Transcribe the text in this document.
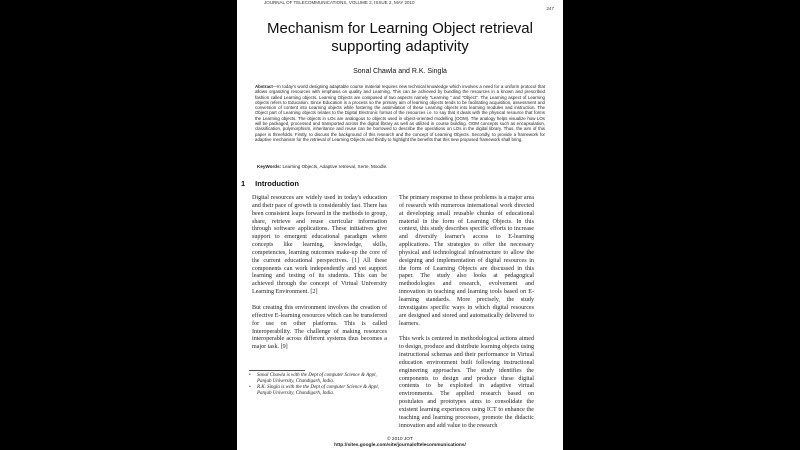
JOURNAL OF TELECOMMUNICATIONS, VOLUME 2, ISSUE 2, MAY 2010
247
Mechanism for Learning Object retrieval
supporting adaptivity
Sonal Chawla and R.K. Singla
Abstract—In today's world designing adaptable course material requires new technical knowledge which involves a need for a uniform protocol that allows organizing resources with emphasis on quality and Learning. This can be achieved by bundling the resources in a known and prescribed fashion called Learning objects. Learning Objects are composed of two aspects namely "Learning " and "Object". The Learning aspect of Learning objects refers to Education. Since Education is a process so the primary aim of learning objects tends to be facilitating acquisition, assessment and conversion of content into Learning objects while fostering the assimilation of these Learning objects into learning modules and instruction. The Object part of Learning objects relates to the Digital Electronic format of the resources i.e. to say that it deals with the physical resource that forms the Learning objects. The objects in LOs are analogous to objects used in object-oriented modelling (OOM). The analogy helps visualize how LOs will be packaged, processed and transported across the digital library as well as utilized in course building. OOM concepts such as encapsulation, classification, polymorphism, inheritance and reuse can be borrowed to describe the operations on LOs in the digital library. Thus, the aim of this paper is threefolds. Firstly, to discuss the background of this research and the concept of Learning Objects. Secondly, to provide a framework for adaptive mechanism for the retrieval of Learning Objects and thirdly to highlight the benefits that this new proposed framework shall bring.
KeyWords: Learning Objects, Adaptive retrieval, Xerte, Moodle.
1 Introduction

Digital resources are widely used in today's education and their pace of growth is considerably fast. There has been consistent leaps forward in the methods to group, share, retrieve and reuse curricular information through software applications. These initiatives give support to emergent educational paradigm where concepts like learning, knowledge, skills, competencies, learning outcomes make-up the core of the current educational perspectives. [1] All these components can work independently and yet support learning and testing of its students. This can be achieved through the concept of Virtual University Learning Environment. [2]

But creating this environment involves the creation of effective E-learning resources which can be transferred for use on other platforms. This is called Interoperability. The challenge of making resources interoperable across different systems thus becomes a major task. [9]

The primary response to these problems is a major area of research with numerous international work directed at developing small reusable chunks of educational material in the form of Learning Objects. In this context, this study describes specific efforts to increase and diversify learner's access to E-learning applications. The strategies to offer the necessary physical and technological infrastructure to allow the designing and implementation of digital resources in the form of Learning Objects are discussed in this paper. The study also looks at pedagogical methodologies and research, evolvement and innovation in teaching and learning tools based on E-learning standards. More precisely, the study investigates specific ways in which digital resources are designed and stored and automatically delivered to learners.

This work is centered in methodological actions aimed to design, produce and distribute learning objects using instructional schemas and their performance in Virtual education environment built following instructional engineering approaches. The study identifies the components to design and produce these digital contents to be exploited in adaptive virtual environments. The applied research based on postulates and prototypes aims to consolidate the existent learning experiences using ICT to enhance the teaching and learning processes, promote the didactic innovation and add value to the research

•	Sonal Chawla is with the Dept of computer Science & Appl, Panjab University, Chandigarh, India.
•	R.K. Singla is with the the Dept of computer Science & Appl, Panjab University, Chandigarh, India.
© 2010 JOT
http://sites.google.com/site/journaloftelecommunications/
